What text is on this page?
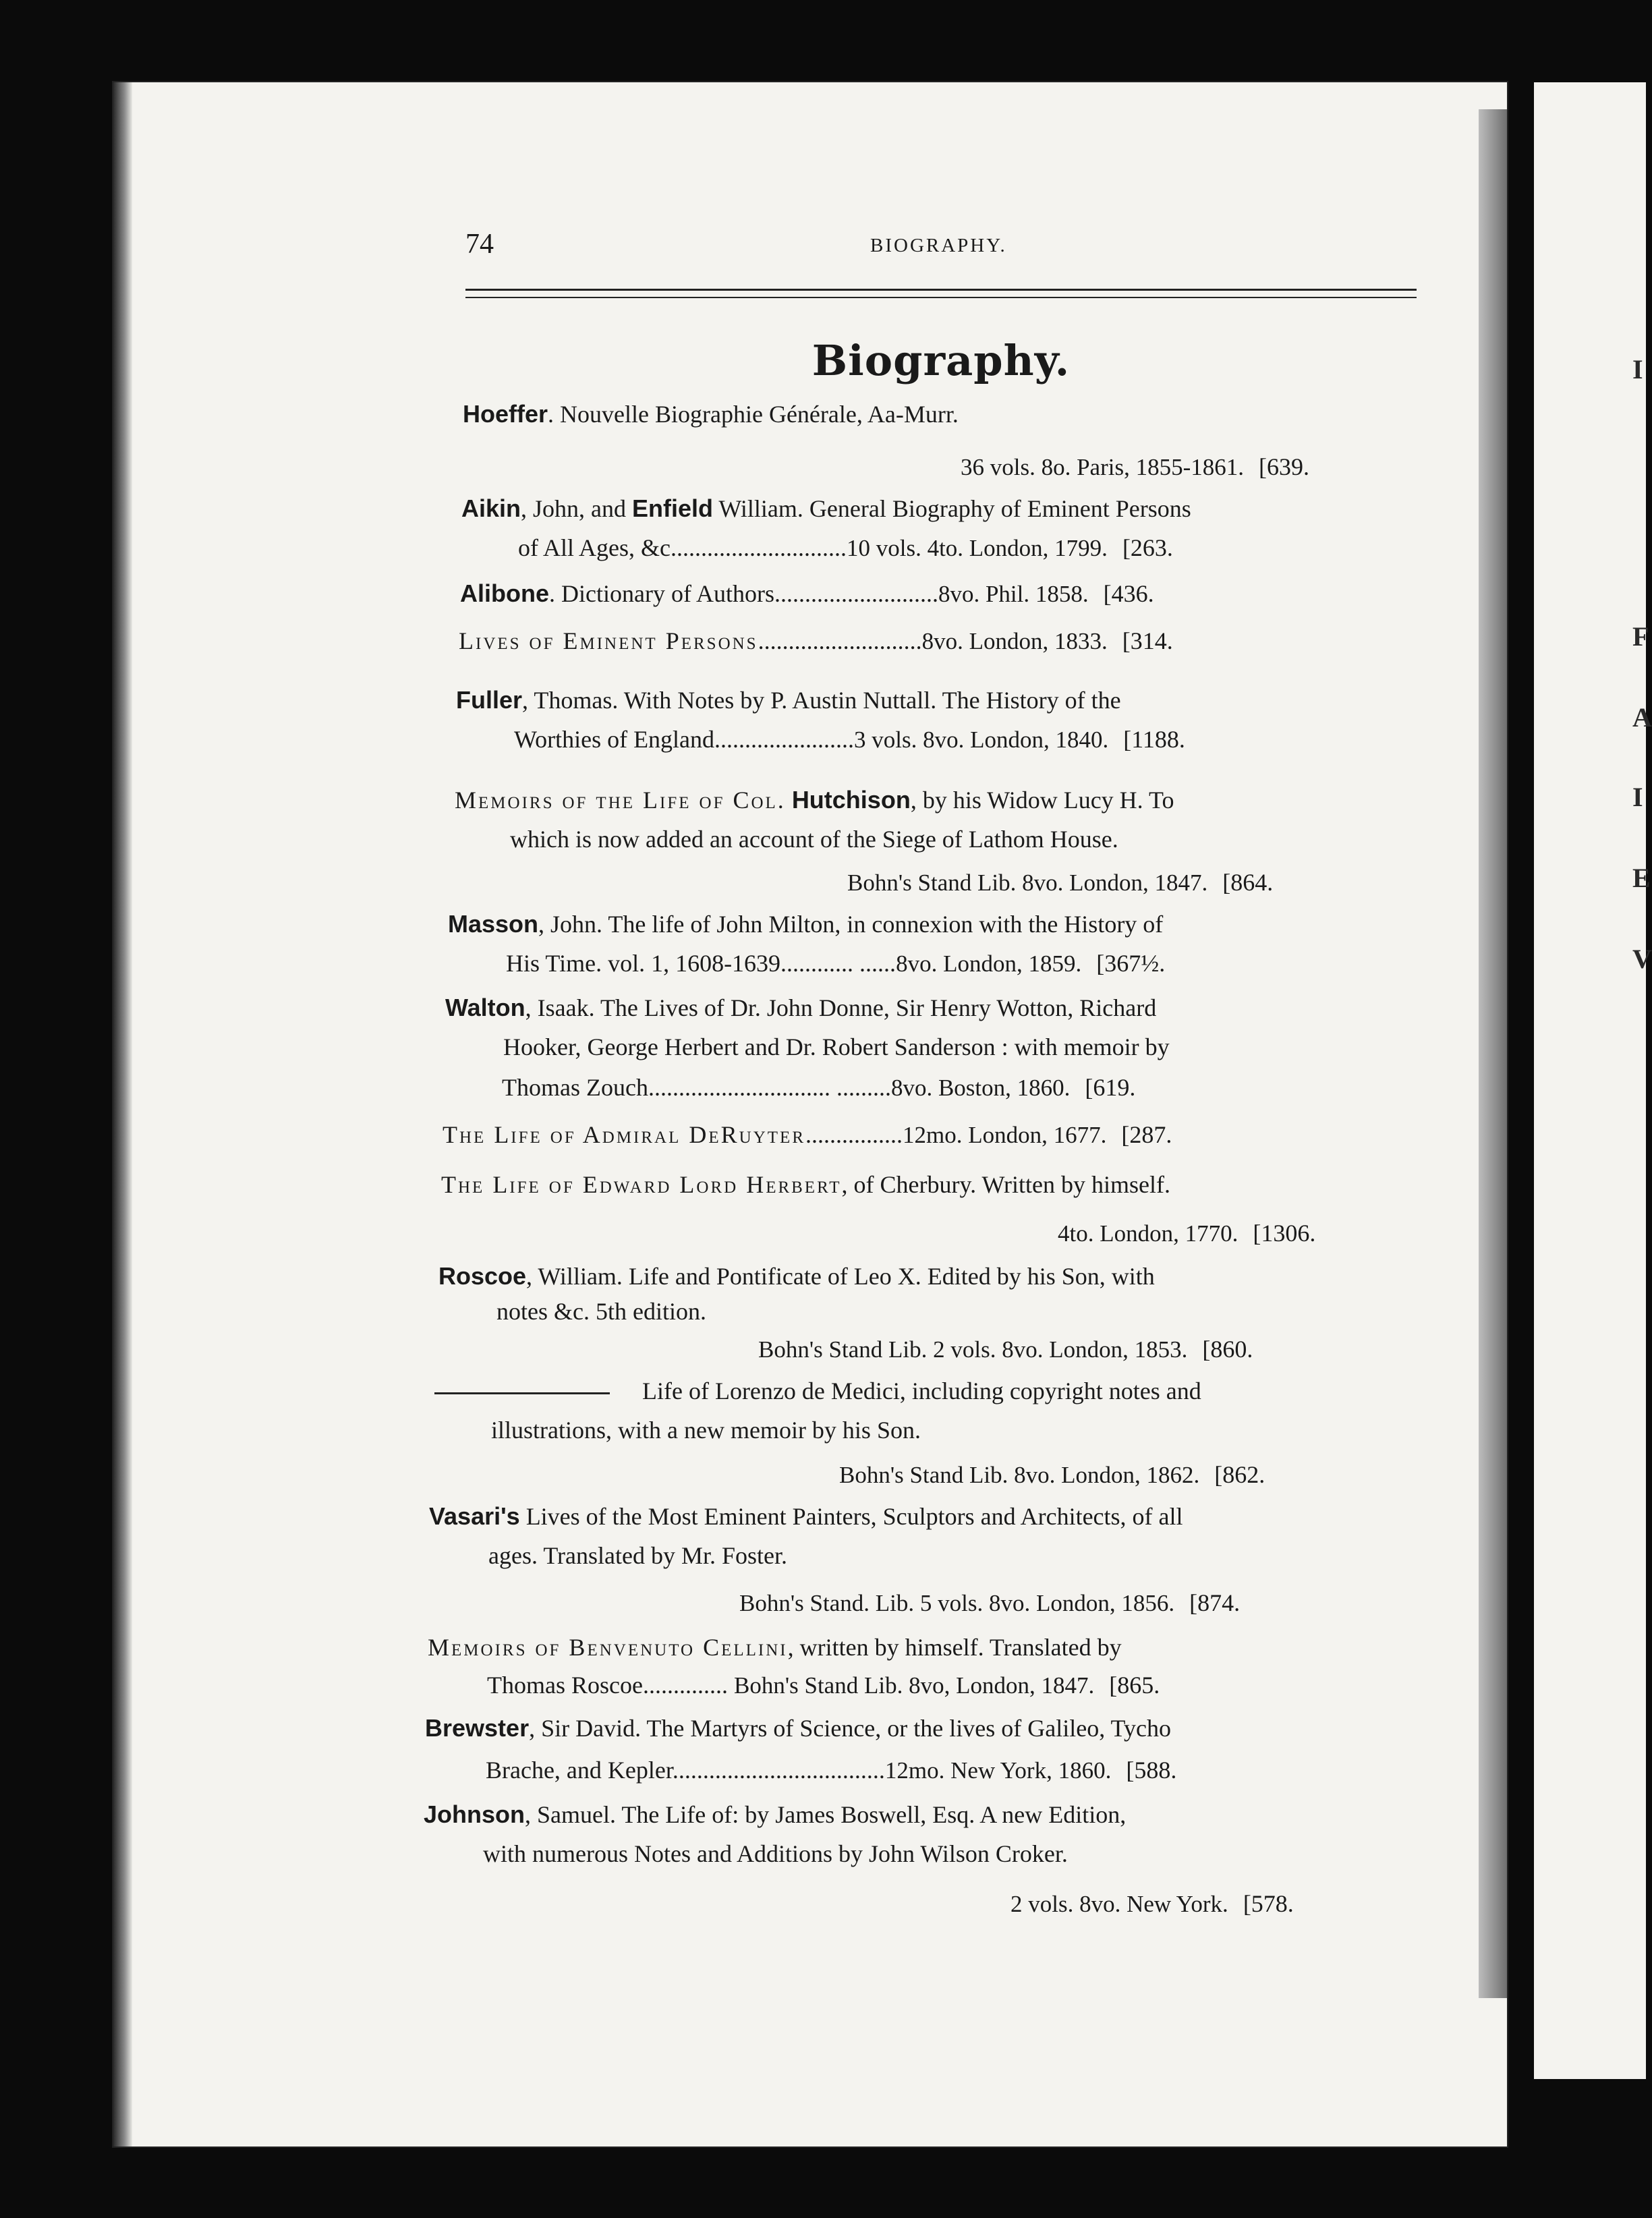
I
F
A
I
E
V
74	BIOGRAPHY.
Biography.
Hoeffer. Nouvelle Biographie Générale, Aa-Murr.
36 vols. 8o. Paris, 1855-1861. [639.
Aikin, John, and Enfield William. General Biography of Eminent Persons
of All Ages, &c.............................10 vols. 4to. London, 1799. [263.
Alibone. Dictionary of Authors...........................8vo. Phil. 1858. [436.
Lives of Eminent Persons...........................8vo. London, 1833. [314.
Fuller, Thomas. With Notes by P. Austin Nuttall. The History of the
Worthies of England.......................3 vols. 8vo. London, 1840. [1188.
Memoirs of the Life of Col. Hutchison, by his Widow Lucy H. To
which is now added an account of the Siege of Lathom House.
Bohn's Stand Lib. 8vo. London, 1847. [864.
Masson, John. The life of John Milton, in connexion with the History of
His Time. vol. 1, 1608-1639............ ......8vo. London, 1859. [367½.
Walton, Isaak. The Lives of Dr. John Donne, Sir Henry Wotton, Richard
Hooker, George Herbert and Dr. Robert Sanderson : with memoir by
Thomas Zouch.............................. .........8vo. Boston, 1860. [619.
The Life of Admiral DeRuyter................12mo. London, 1677. [287.
The Life of Edward Lord Herbert, of Cherbury. Written by himself.
4to. London, 1770. [1306.
Roscoe, William. Life and Pontificate of Leo X. Edited by his Son, with
notes &c. 5th edition.
Bohn's Stand Lib. 2 vols. 8vo. London, 1853. [860.
Life of Lorenzo de Medici, including copyright notes and
illustrations, with a new memoir by his Son.
Bohn's Stand Lib. 8vo. London, 1862. [862.
Vasari's Lives of the Most Eminent Painters, Sculptors and Architects, of all
ages. Translated by Mr. Foster.
Bohn's Stand. Lib. 5 vols. 8vo. London, 1856. [874.
Memoirs of Benvenuto Cellini, written by himself. Translated by
Thomas Roscoe.............. Bohn's Stand Lib. 8vo, London, 1847. [865.
Brewster, Sir David. The Martyrs of Science, or the lives of Galileo, Tycho
Brache, and Kepler...................................12mo. New York, 1860. [588.
Johnson, Samuel. The Life of: by James Boswell, Esq. A new Edition,
with numerous Notes and Additions by John Wilson Croker.
2 vols. 8vo. New York. [578.
